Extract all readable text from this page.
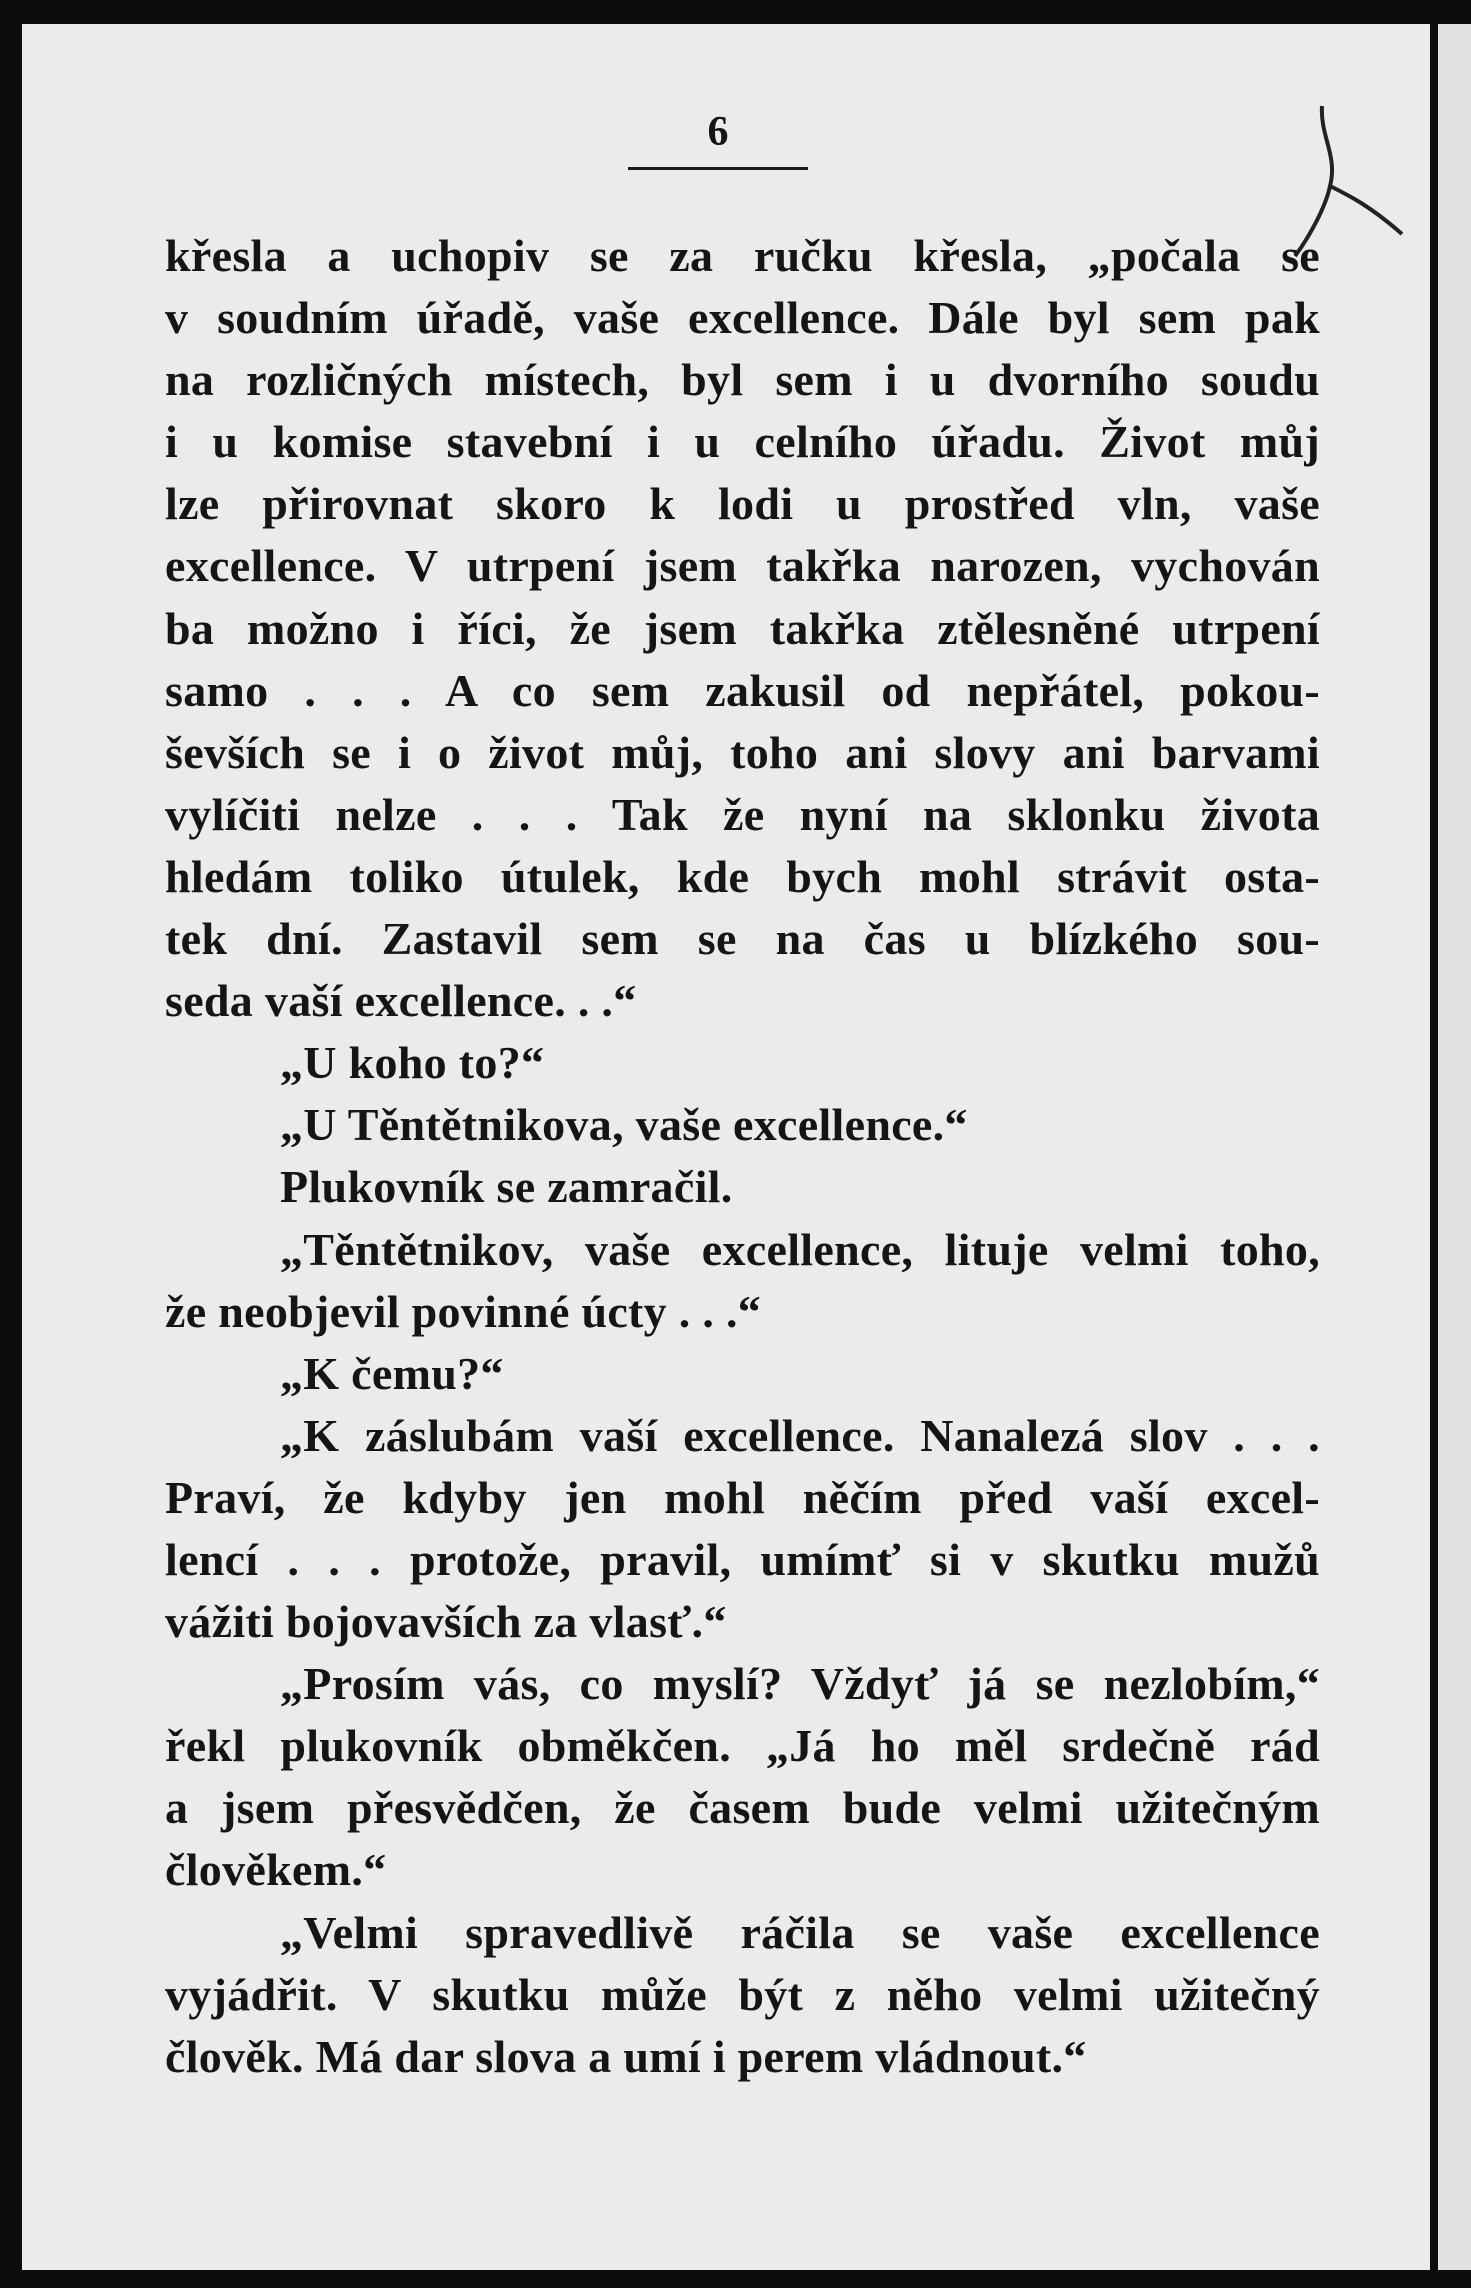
6
křesla a uchopiv se za ručku křesla, „počala se
v soudním úřadě, vaše excellence. Dále byl sem pak
na rozličných místech, byl sem i u dvorního soudu
i u komise stavební i u celního úřadu. Život můj
lze přirovnat skoro k lodi u prostřed vln, vaše
excellence. V utrpení jsem takřka narozen, vychován
ba možno i říci, že jsem takřka ztělesněné utrpení
samo . . . A co sem zakusil od nepřátel, pokou-
ševších se i o život můj, toho ani slovy ani barvami
vylíčiti nelze . . . Tak že nyní na sklonku života
hledám toliko útulek, kde bych mohl strávit osta-
tek dní. Zastavil sem se na čas u blízkého sou-
seda vaší excellence. . .“
„U koho to?“
„U Těntětnikova, vaše excellence.“
Plukovník se zamračil.
„Těntětnikov, vaše excellence, lituje velmi toho,
že neobjevil povinné úcty . . .“
„K čemu?“
„K záslubám vaší excellence. Nanalezá slov . . .
Praví, že kdyby jen mohl něčím před vaší excel-
lencí . . . protože, pravil, umímť si v skutku mužů
vážiti bojovavších za vlasť.“
„Prosím vás, co myslí? Vždyť já se nezlobím,“
řekl plukovník obměkčen. „Já ho měl srdečně rád
a jsem přesvědčen, že časem bude velmi užitečným
člověkem.“
„Velmi spravedlivě ráčila se vaše excellence
vyjádřit. V skutku může být z něho velmi užitečný
člověk. Má dar slova a umí i perem vládnout.“
